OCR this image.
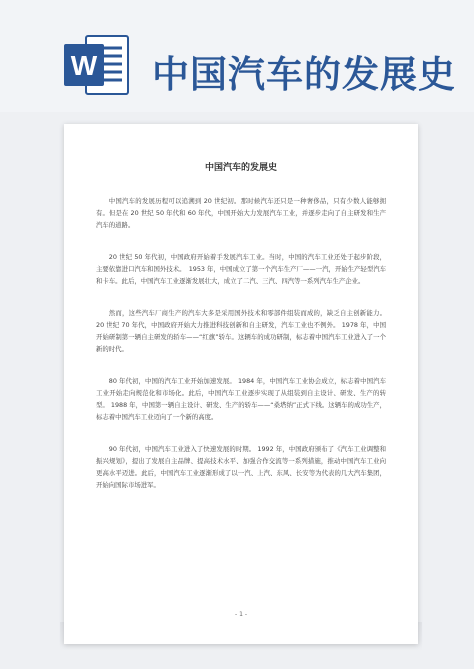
W 中国汽车的发展史
中国汽车的发展史

中国汽车的发展历程可以追溯到 20 世纪初。那时候汽车还只是一种奢侈品，只有少数人能够拥有。但是在 20 世纪 50 年代和 60 年代，中国开始大力发展汽车工业，并逐步走向了自主研发和生产汽车的道路。

20 世纪 50 年代初，中国政府开始着手发展汽车工业。当时，中国的汽车工业还处于起步阶段，主要依靠进口汽车和国外技术。　1953 年，中国成立了第一个汽车生产厂——一汽，开始生产轻型汽车和卡车。此后，中国汽车工业逐渐发展壮大，成立了二汽、三汽、四汽等一系列汽车生产企业。

然而，这些汽车厂商生产的汽车大多是采用国外技术和零部件组装而成的，缺乏自主创新能力。 20 世纪 70 年代，中国政府开始大力推进科技创新和自主研发，汽车工业也不例外。 1978 年，中国开始研制第一辆自主研发的轿车——“红旗”轿车。这辆车的成功研制，标志着中国汽车工业进入了一个新的时代。

80 年代初，中国的汽车工业开始加速发展。 1984 年，中国汽车工业协会成立，标志着中国汽车工业开始走向规范化和市场化。此后，中国汽车工业逐步实现了从组装到自主设计、研发、生产的转型。 1988 年，中国第一辆自主设计、研发、生产的轿车——“桑塔纳”正式下线。这辆车的成功生产，标志着中国汽车工业迈向了一个新的高度。

90 年代初，中国汽车工业进入了快速发展的时期。 1992 年，中国政府颁布了《汽车工业调整和振兴规划》，提出了发展自主品牌、提高技术水平、加强合作交流等一系列措施，推动中国汽车工业向更高水平迈进。此后，中国汽车工业逐渐形成了以一汽、上汽、东风、长安等为代表的几大汽车集团，开始向国际市场进军。

- 1 -
